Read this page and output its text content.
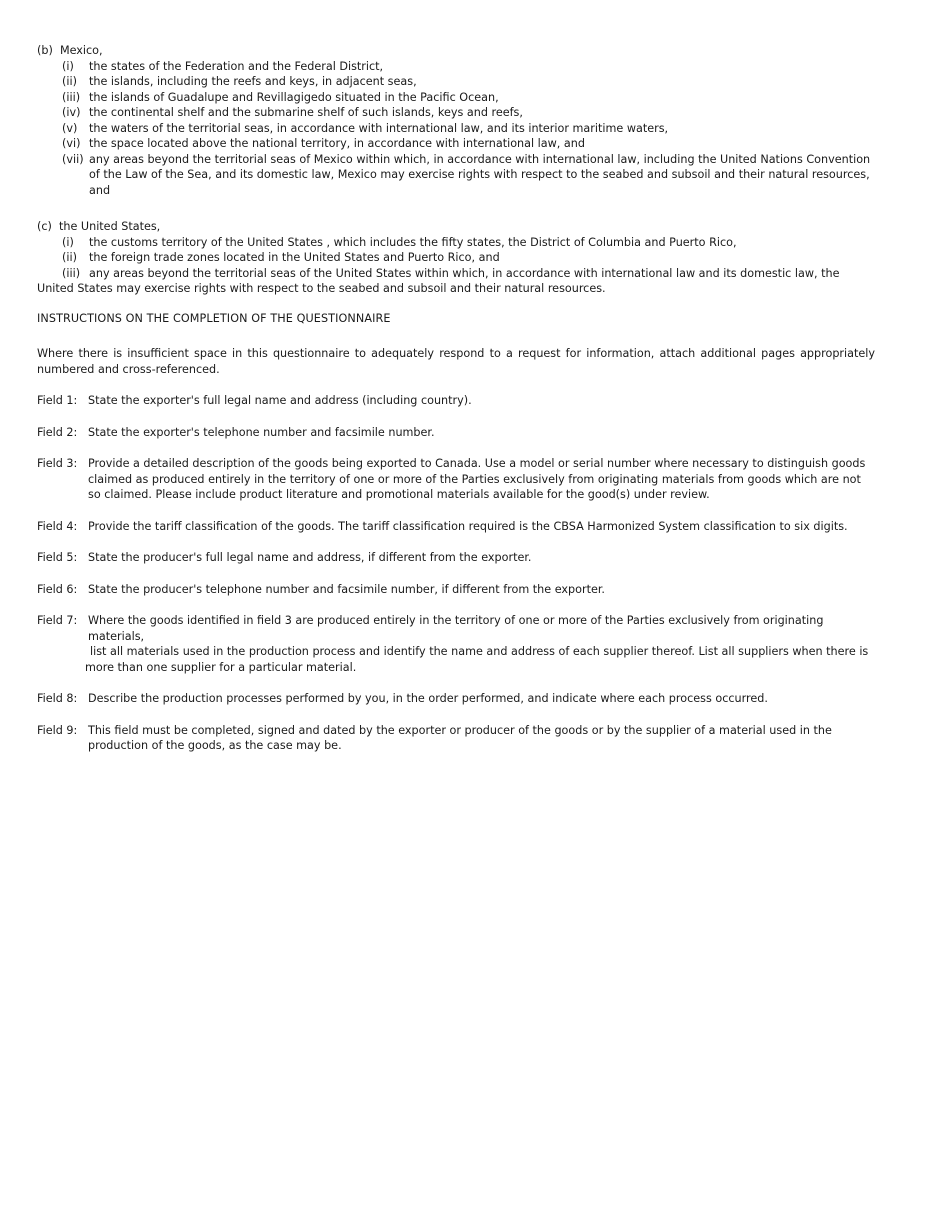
(b)  Mexico,
(i) the states of the Federation and the Federal District,
(ii) the islands, including the reefs and keys, in adjacent seas,
(iii) the islands of Guadalupe and Revillagigedo situated in the Pacific Ocean,
(iv) the continental shelf and the submarine shelf of such islands, keys and reefs,
(v) the waters of the territorial seas, in accordance with international law, and its interior maritime waters,
(vi) the space located above the national territory, in accordance with international law, and
(vii) any areas beyond the territorial seas of Mexico within which, in accordance with international law, including the United Nations Convention of the Law of the Sea, and its domestic law, Mexico may exercise rights with respect to the seabed and subsoil and their natural resources, and
(c)  the United States,
(i) the customs territory of the United States , which includes the fifty states, the District of Columbia and Puerto Rico,
(ii) the foreign trade zones located in the United States and Puerto Rico, and
(iii) any areas beyond the territorial seas of the United States within which, in accordance with international law and its domestic law, the
United States may exercise rights with respect to the seabed and subsoil and their natural resources.
INSTRUCTIONS ON THE COMPLETION OF THE QUESTIONNAIRE
Where there is insufficient space in this questionnaire to adequately respond to a request for information, attach additional pages appropriately numbered and cross-referenced.
Field 1: State the exporter's full legal name and address (including country).
Field 2: State the exporter's telephone number and facsimile number.
Field 3: Provide a detailed description of the goods being exported to Canada. Use a model or serial number where necessary to distinguish goods claimed as produced entirely in the territory of one or more of the Parties exclusively from originating materials from goods which are not so claimed. Please include product literature and promotional materials available for the good(s) under review.
Field 4: Provide the tariff classification of the goods. The tariff classification required is the CBSA Harmonized System classification to six digits.
Field 5: State the producer's full legal name and address, if different from the exporter.
Field 6: State the producer's telephone number and facsimile number, if different from the exporter.
Field 7: Where the goods identified in field 3 are produced entirely in the territory of one or more of the Parties exclusively from originating materials,
list all materials used in the production process and identify the name and address of each supplier thereof. List all suppliers when there is
more than one supplier for a particular material.
Field 8: Describe the production processes performed by you, in the order performed, and indicate where each process occurred.
Field 9: This field must be completed, signed and dated by the exporter or producer of the goods or by the supplier of a material used in the production of the goods, as the case may be.
